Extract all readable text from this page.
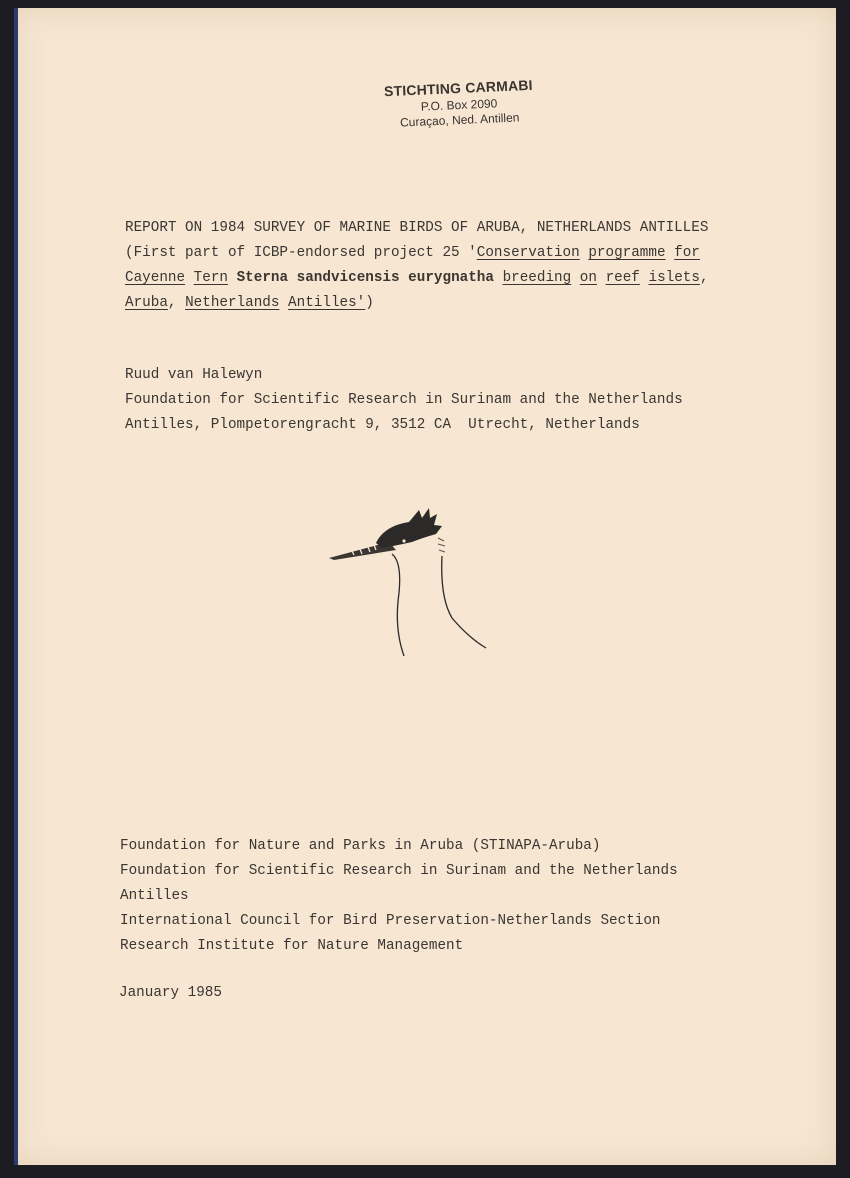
STICHTING CARMABI
P.O. Box 2090
Curaçao, Ned. Antillen
REPORT ON 1984 SURVEY OF MARINE BIRDS OF ARUBA, NETHERLANDS ANTILLES
(First part of ICBP-endorsed project 25 'Conservation programme for
Cayenne Tern Sterna sandvicensis eurygnatha breeding on reef islets,
Aruba, Netherlands Antilles')
Ruud van Halewyn
Foundation for Scientific Research in Surinam and the Netherlands
Antilles, Plompetorengracht 9, 3512 CA  Utrecht, Netherlands
Foundation for Nature and Parks in Aruba (STINAPA-Aruba)
Foundation for Scientific Research in Surinam and the Netherlands
Antilles
International Council for Bird Preservation-Netherlands Section
Research Institute for Nature Management
January 1985
